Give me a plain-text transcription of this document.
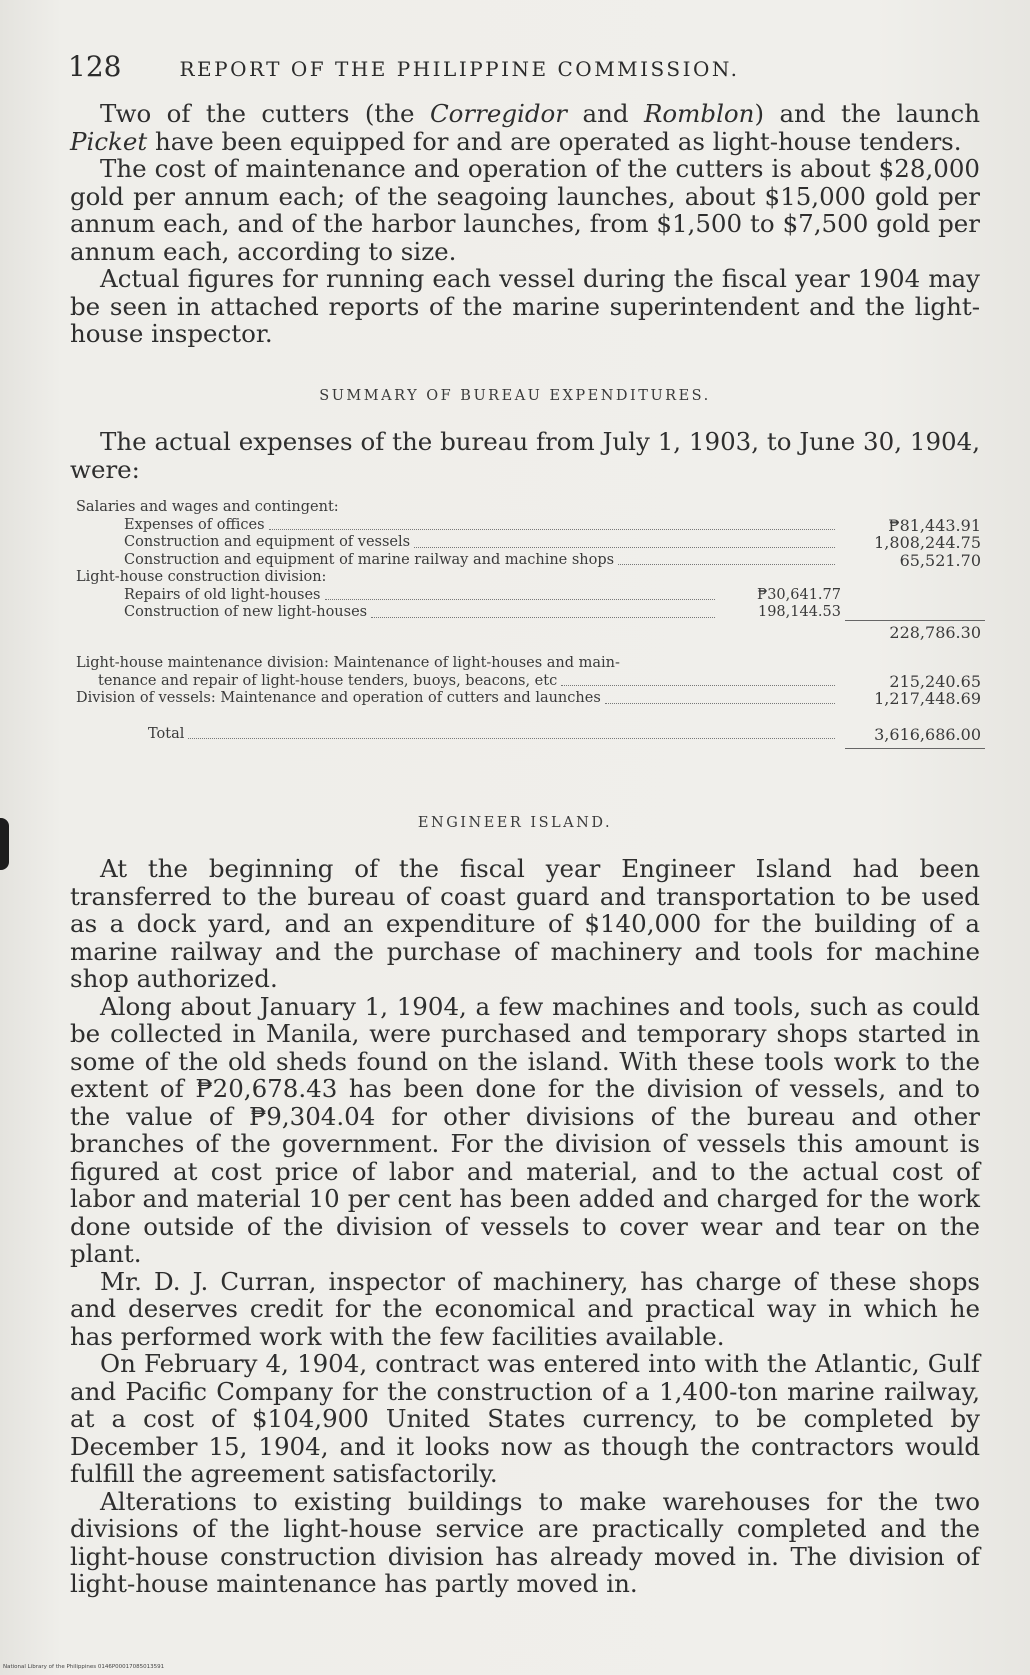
128	REPORT OF THE PHILIPPINE COMMISSION.

Two of the cutters (the Corregidor and Romblon) and the launch Picket have been equipped for and are operated as light-house tenders.

The cost of maintenance and operation of the cutters is about $28,000 gold per annum each; of the seagoing launches, about $15,000 gold per annum each, and of the harbor launches, from $1,500 to $7,500 gold per annum each, according to size.

Actual figures for running each vessel during the fiscal year 1904 may be seen in attached reports of the marine superintendent and the light-house inspector.

SUMMARY OF BUREAU EXPENDITURES.

The actual expenses of the bureau from July 1, 1903, to June 30, 1904, were:

Salaries and wages and contingent:
Expenses of offices	₱81,443.91
Construction and equipment of vessels	1,808,244.75
Construction and equipment of marine railway and machine shops	65,521.70
Light-house construction division:
Repairs of old light-houses	₱30,641.77
Construction of new light-houses	198,144.53
228,786.30
Light-house maintenance division: Maintenance of light-houses and main-
tenance and repair of light-house tenders, buoys, beacons, etc	215,240.65
Division of vessels: Maintenance and operation of cutters and launches	1,217,448.69
Total	3,616,686.00
ENGINEER ISLAND.

At the beginning of the fiscal year Engineer Island had been transferred to the bureau of coast guard and transportation to be used as a dock yard, and an expenditure of $140,000 for the building of a marine railway and the purchase of machinery and tools for machine shop authorized.

Along about January 1, 1904, a few machines and tools, such as could be collected in Manila, were purchased and temporary shops started in some of the old sheds found on the island. With these tools work to the extent of ₱20,678.43 has been done for the division of vessels, and to the value of ₱9,304.04 for other divisions of the bureau and other branches of the government. For the division of vessels this amount is figured at cost price of labor and material, and to the actual cost of labor and material 10 per cent has been added and charged for the work done outside of the division of vessels to cover wear and tear on the plant.

Mr. D. J. Curran, inspector of machinery, has charge of these shops and deserves credit for the economical and practical way in which he has performed work with the few facilities available.

On February 4, 1904, contract was entered into with the Atlantic, Gulf and Pacific Company for the construction of a 1,400-ton marine railway, at a cost of $104,900 United States currency, to be completed by December 15, 1904, and it looks now as though the contractors would fulfill the agreement satisfactorily.

Alterations to existing buildings to make warehouses for the two divisions of the light-house service are practically completed and the light-house construction division has already moved in. The division of light-house maintenance has partly moved in.

National Library of the Philippines 0146P00017085013591
